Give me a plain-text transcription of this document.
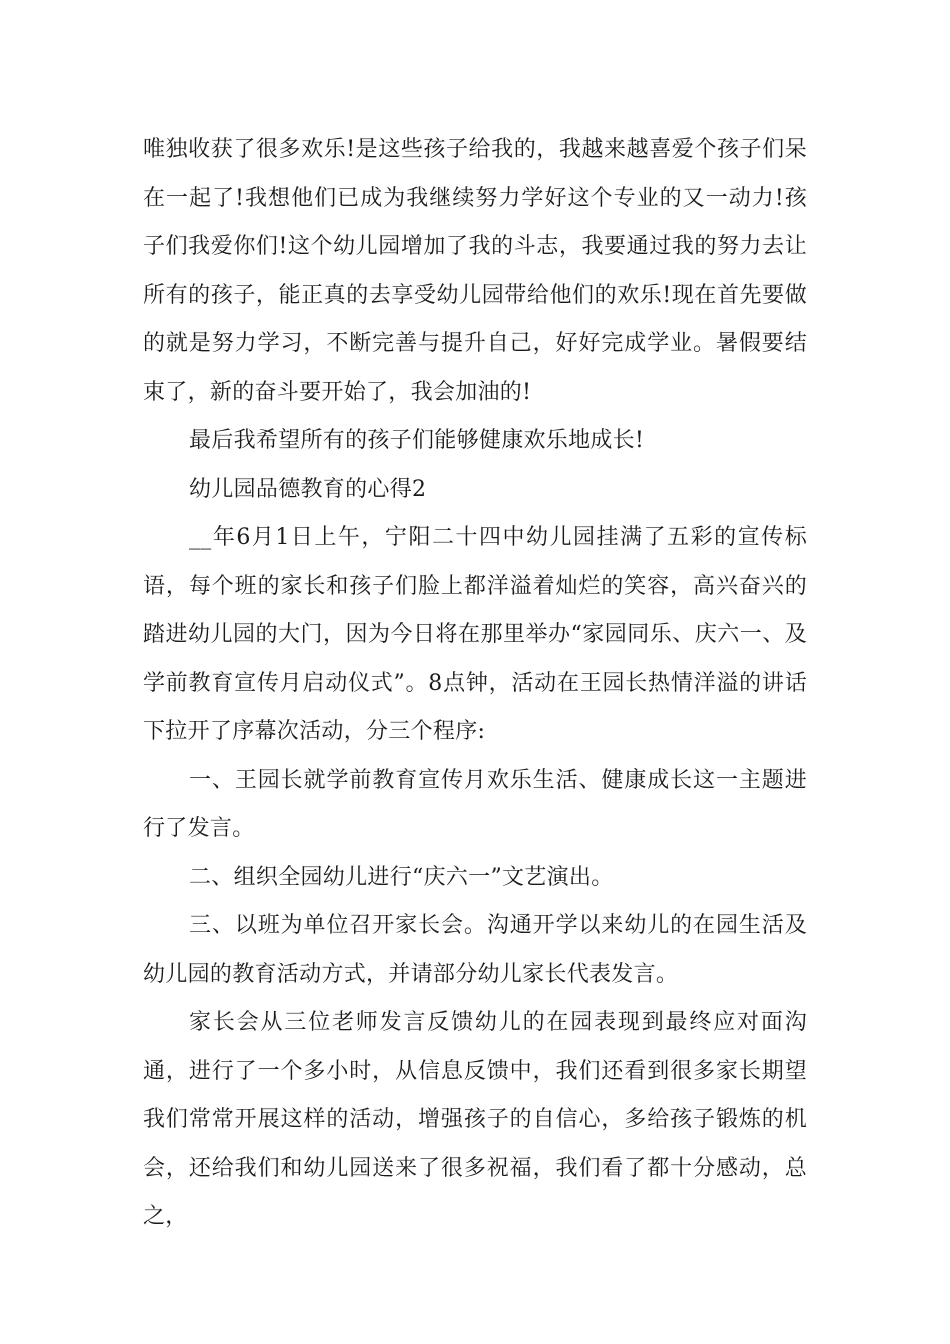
唯独收获了很多欢乐!是这些孩子给我的，我越来越喜爱个孩子们呆在一起了!我想他们已成为我继续努力学好这个专业的又一动力!孩子们我爱你们!这个幼儿园增加了我的斗志，我要通过我的努力去让所有的孩子，能正真的去享受幼儿园带给他们的欢乐!现在首先要做的就是努力学习，不断完善与提升自己，好好完成学业。暑假要结束了，新的奋斗要开始了，我会加油的!

最后我希望所有的孩子们能够健康欢乐地成长!

幼儿园品德教育的心得2

__年6月1日上午，宁阳二十四中幼儿园挂满了五彩的宣传标语，每个班的家长和孩子们脸上都洋溢着灿烂的笑容，高兴奋兴的踏进幼儿园的大门，因为今日将在那里举办“家园同乐、庆六一、及学前教育宣传月启动仪式”。8点钟，活动在王园长热情洋溢的讲话下拉开了序幕次活动，分三个程序:

一、王园长就学前教育宣传月欢乐生活、健康成长这一主题进行了发言。

二、组织全园幼儿进行“庆六一”文艺演出。

三、以班为单位召开家长会。沟通开学以来幼儿的在园生活及幼儿园的教育活动方式，并请部分幼儿家长代表发言。

家长会从三位老师发言反馈幼儿的在园表现到最终应对面沟通，进行了一个多小时，从信息反馈中，我们还看到很多家长期望我们常常开展这样的活动，增强孩子的自信心，多给孩子锻炼的机会，还给我们和幼儿园送来了很多祝福，我们看了都十分感动，总之，
